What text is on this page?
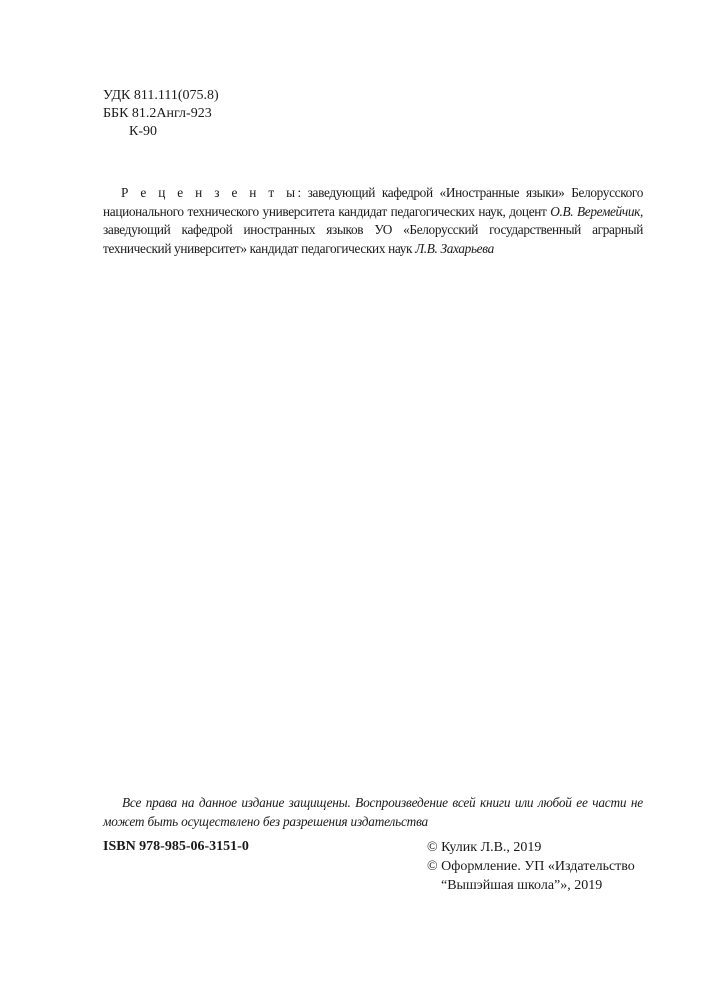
УДК 811.111(075.8)
ББК 81.2Англ-923
К-90
Р е ц е н з е н т ы: заведующий кафедрой «Иностранные языки» Белорусского национального технического университета кандидат педагогических наук, доцент О.В. Веремейчик, заведующий кафедрой иностранных языков УО «Белорусский государственный аграрный технический университет» кандидат педагогических наук Л.В. Захарьева
Все права на данное издание защищены. Воспроизведение всей книги или любой ее части не может быть осуществлено без разрешения издательства
ISBN 978-985-06-3151-0	© Кулик Л.В., 2019
© Оформление. УП «Издательство
“Вышэйшая школа”», 2019
